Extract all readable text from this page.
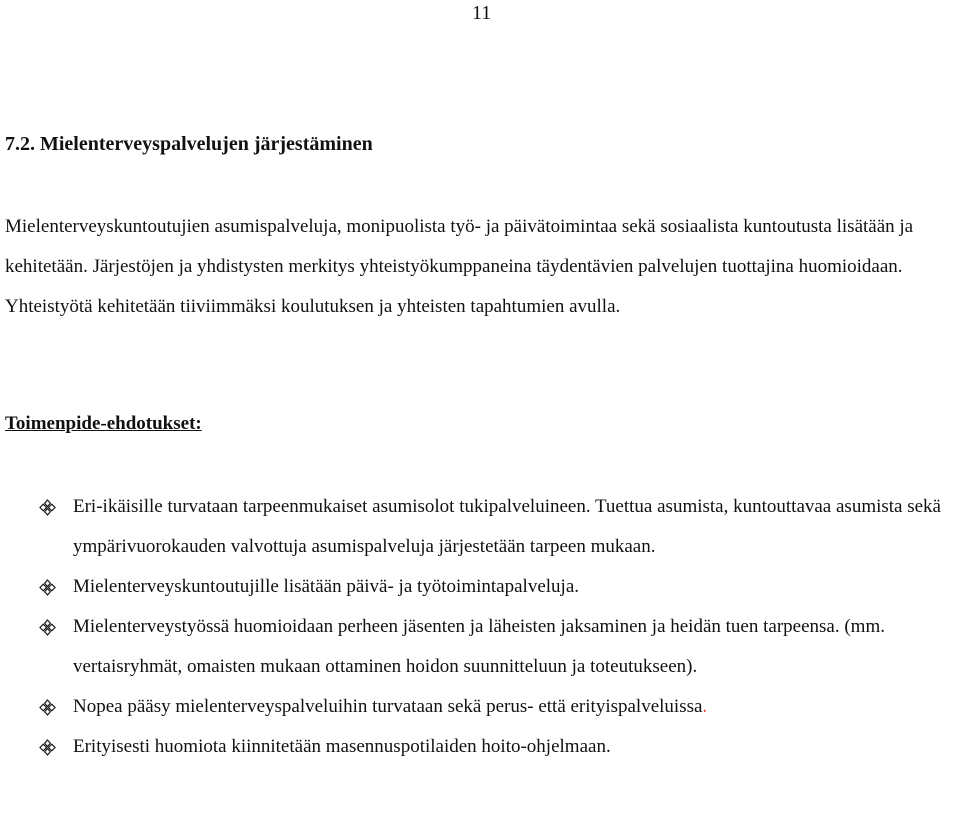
11
7.2. Mielenterveyspalvelujen järjestäminen

Mielenterveyskuntoutujien asumispalveluja, monipuolista työ- ja päivätoimintaa sekä sosiaalista kuntoutusta lisätään ja kehitetään. Järjestöjen ja yhdistysten merkitys yhteistyökumppaneina täydentävien palvelujen tuottajina huomioidaan. Yhteistyötä kehitetään tiiviimmäksi koulutuksen ja yhteisten tapahtumien avulla.

Toimenpide-ehdotukset:
Eri-ikäisille turvataan tarpeenmukaiset asumisolot tukipalveluineen. Tuettua asumista, kuntouttavaa asumista sekä ympärivuorokauden valvottuja asumispalveluja järjestetään tarpeen mukaan.
Mielenterveyskuntoutujille lisätään päivä- ja työtoimintapalveluja.
Mielenterveystyössä huomioidaan perheen jäsenten ja läheisten jaksaminen ja heidän tuen tarpeensa. (mm. vertaisryhmät, omaisten mukaan ottaminen hoidon suunnitteluun ja toteutukseen).
Nopea pääsy mielenterveyspalveluihin turvataan sekä perus- että erityispalveluissa.
Erityisesti huomiota kiinnitetään masennuspotilaiden hoito-ohjelmaan.
